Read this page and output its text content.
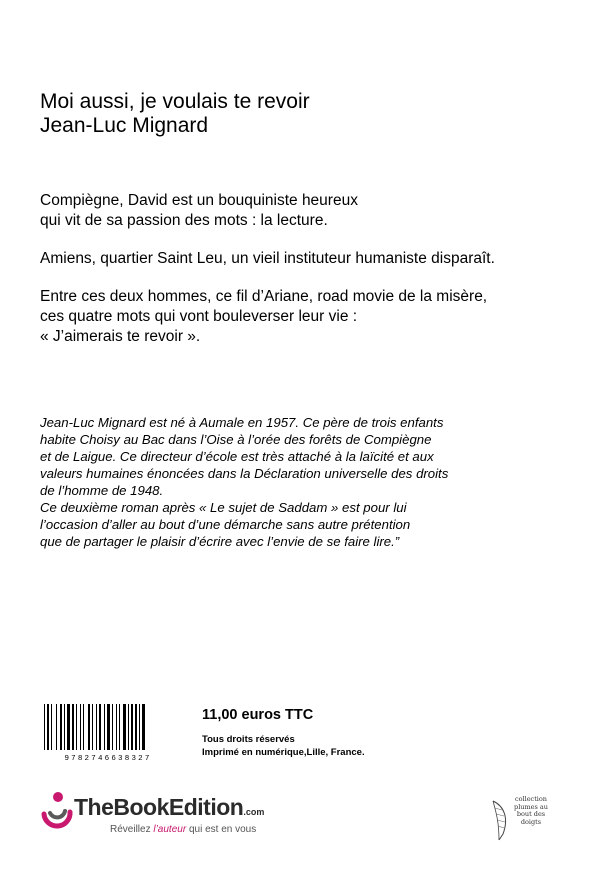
Moi aussi, je voulais te revoir
Jean-Luc Mignard

Compiègne, David est un bouquiniste heureux
qui vit de sa passion des mots : la lecture.

Amiens, quartier Saint Leu, un vieil instituteur humaniste disparaît.

Entre ces deux hommes, ce fil d’Ariane, road movie de la misère,
ces quatre mots qui vont bouleverser leur vie :
« J’aimerais te revoir ».

Jean-Luc Mignard est né à Aumale en 1957. Ce père de trois enfants
habite Choisy au Bac dans l’Oise à l’orée des forêts de Compiègne
et de Laigue. Ce directeur d’école est très attaché à la laïcité et aux
valeurs humaines énoncées dans la Déclaration universelle des droits
de l’homme de 1948.
Ce deuxième roman après « Le sujet de Saddam » est pour lui
l’occasion d’aller au bout d’une démarche sans autre prétention
que de partager le plaisir d’écrire avec l’envie de se faire lire.”
9782746638327
11,00 euros TTC
Tous droits réservés
Imprimé en numérique,Lille, France.
TheBookEdition.com
Réveillez l’auteur qui est en vous
collection
plumes au
bout des
doigts
